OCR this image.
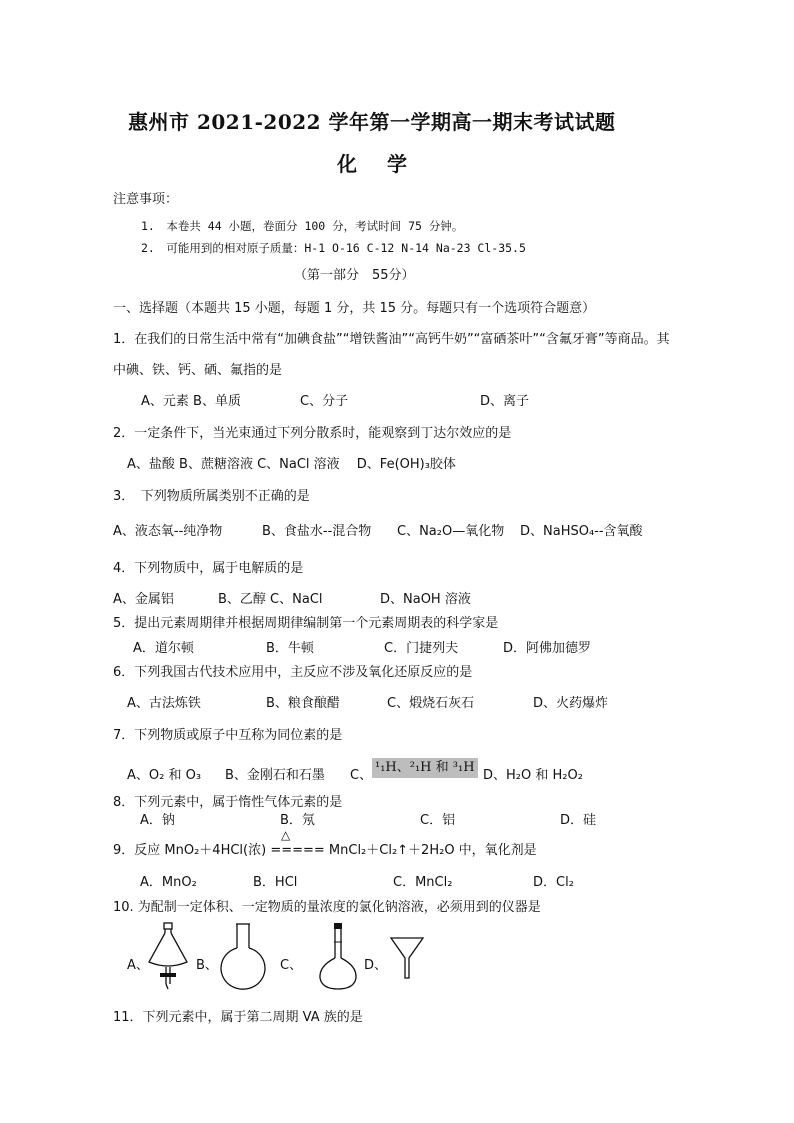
惠州市 2021-2022 学年第一学期高一期末考试试题
化学
注意事项：
1.　本卷共 44 小题，卷面分 100 分，考试时间 75 分钟。
2.　可能用到的相对原子质量：H-1 O-16 C-12 N-14 Na-23 Cl-35.5
（第一部分　55分）
一、选择题（本题共 15 小题，每题 1 分，共 15 分。每题只有一个选项符合题意）
1．在我们的日常生活中常有“加碘食盐”“增铁酱油”“高钙牛奶”“富硒茶叶”“含氟牙膏”等商品。其
中碘、铁、钙、硒、氟指的是
A、元素 B、单质	C、分子	D、离子
2．一定条件下，当光束通过下列分散系时，能观察到丁达尔效应的是
A、盐酸 B、蔗糖溶液 C、NaCl 溶液　 D、Fe(OH)₃胶体
3．　下列物质所属类别不正确的是
A、液态氧--纯净物	B、食盐水--混合物 C、Na₂O—氧化物 D、NaHSO₄--含氧酸
4．下列物质中，属于电解质的是
A、金属铝	B、乙醇 C、NaCl	D、NaOH 溶液
5．提出元素周期律并根据周期律编制第一个元素周期表的科学家是
A．道尔顿	B．牛顿	C．门捷列夫	D．阿佛加德罗
6．下列我国古代技术应用中，主反应不涉及氧化还原反应的是
A、古法炼铁	B、粮食酿醋	C、煅烧石灰石	D、火药爆炸
7．下列物质或原子中互称为同位素的是
A、O₂ 和 O₃ B、金刚石和石墨 C、
¹₁H、²₁H 和 ³₁H
D、H₂O 和 H₂O₂
8．下列元素中，属于惰性气体元素的是
A．钠	B．氖	C．铝	D．硅
△
9．反应 MnO₂＋4HCl(浓) ===== MnCl₂＋Cl₂↑＋2H₂O 中，氧化剂是
A．MnO₂	B．HCl	C．MnCl₂	D．Cl₂
10. 为配制一定体积、一定物质的量浓度的氯化钠溶液，必须用到的仪器是
A、	B、	C、	D、
11．下列元素中，属于第二周期 VA 族的是
